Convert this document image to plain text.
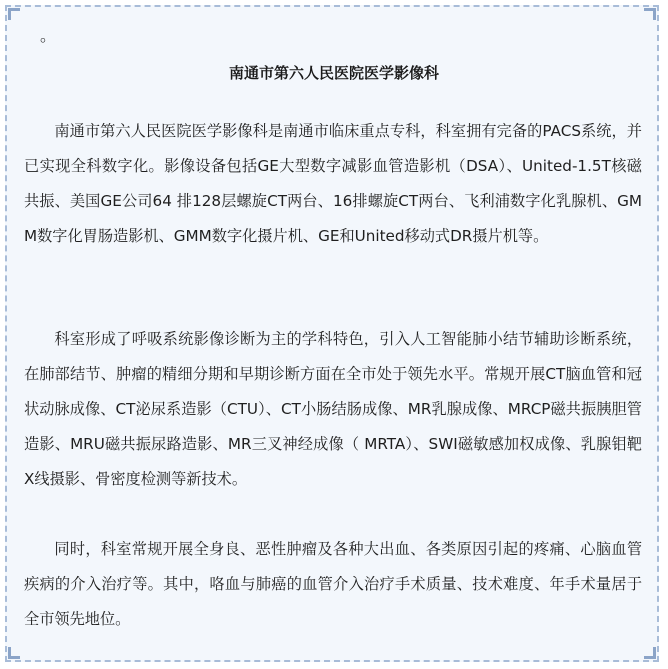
。
南通市第六人民医院医学影像科

南通市第六人民医院医学影像科是南通市临床重点专科，科室拥有完备的PACS系统，并已实现全科数字化。影像设备包括GE大型数字减影血管造影机（DSA）、United-1.5T核磁共振、美国GE公司64 排128层螺旋CT两台、16排螺旋CT两台、飞利浦数字化乳腺机、GMM数字化胃肠造影机、GMM数字化摄片机、GE和United移动式DR摄片机等。

科室形成了呼吸系统影像诊断为主的学科特色，引入人工智能肺小结节辅助诊断系统，在肺部结节、肿瘤的精细分期和早期诊断方面在全市处于领先水平。常规开展CT脑血管和冠状动脉成像、CT泌尿系造影（CTU）、CT小肠结肠成像、MR乳腺成像、MRCP磁共振胰胆管造影、MRU磁共振尿路造影、MR三叉神经成像（ MRTA）、SWI磁敏感加权成像、乳腺钼靶X线摄影、骨密度检测等新技术。

同时，科室常规开展全身良、恶性肿瘤及各种大出血、各类原因引起的疼痛、心脑血管疾病的介入治疗等。其中，咯血与肺癌的血管介入治疗手术质量、技术难度、年手术量居于全市领先地位。
